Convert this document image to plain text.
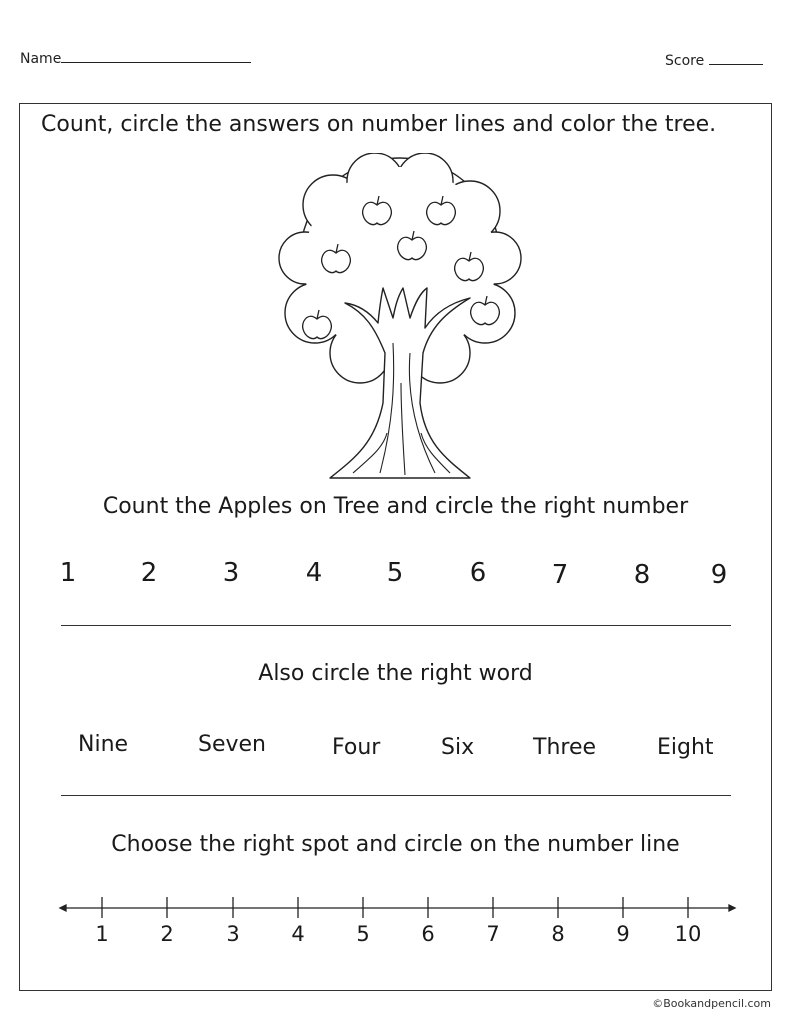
Name	Score
Count, circle the answers on number lines and color the tree.
Count the Apples on Tree and circle the right number
1	2	3	4	5	6	7	8	9
Also circle the right word
Nine	Seven	Four	Six	Three	Eight
Choose the right spot and circle on the number line
1	2	3	4	5	6	7	8	9	10
©Bookandpencil.com
